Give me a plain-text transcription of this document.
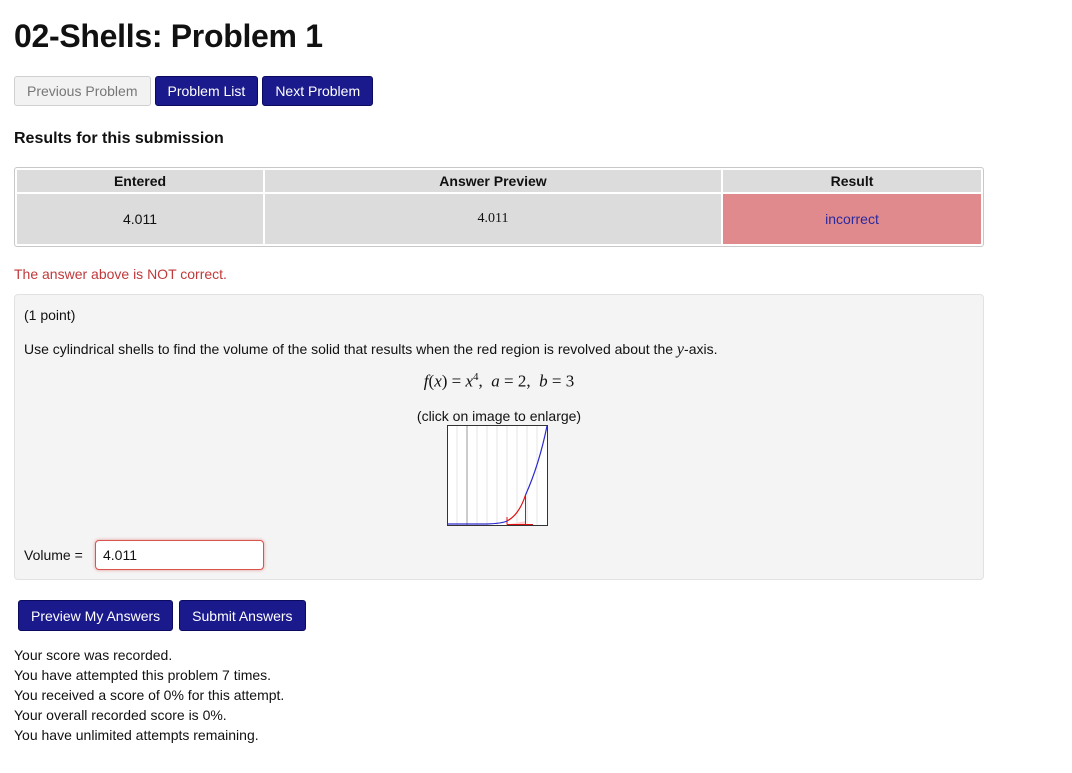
02-Shells: Problem 1
Previous Problem	Problem List	Next Problem
Results for this submission
Entered	Answer Preview	Result
4.011	4.011	incorrect
The answer above is NOT correct.
(1 point)
Use cylindrical shells to find the volume of the solid that results when the red region is revolved about the y-axis.
$f(x) = x^4$,  a = 2,  b = 3
(click on image to enlarge)
Volume =
4.011
Preview My Answers	Submit Answers
Your score was recorded.
You have attempted this problem 7 times.
You received a score of 0% for this attempt.
Your overall recorded score is 0%.
You have unlimited attempts remaining.
